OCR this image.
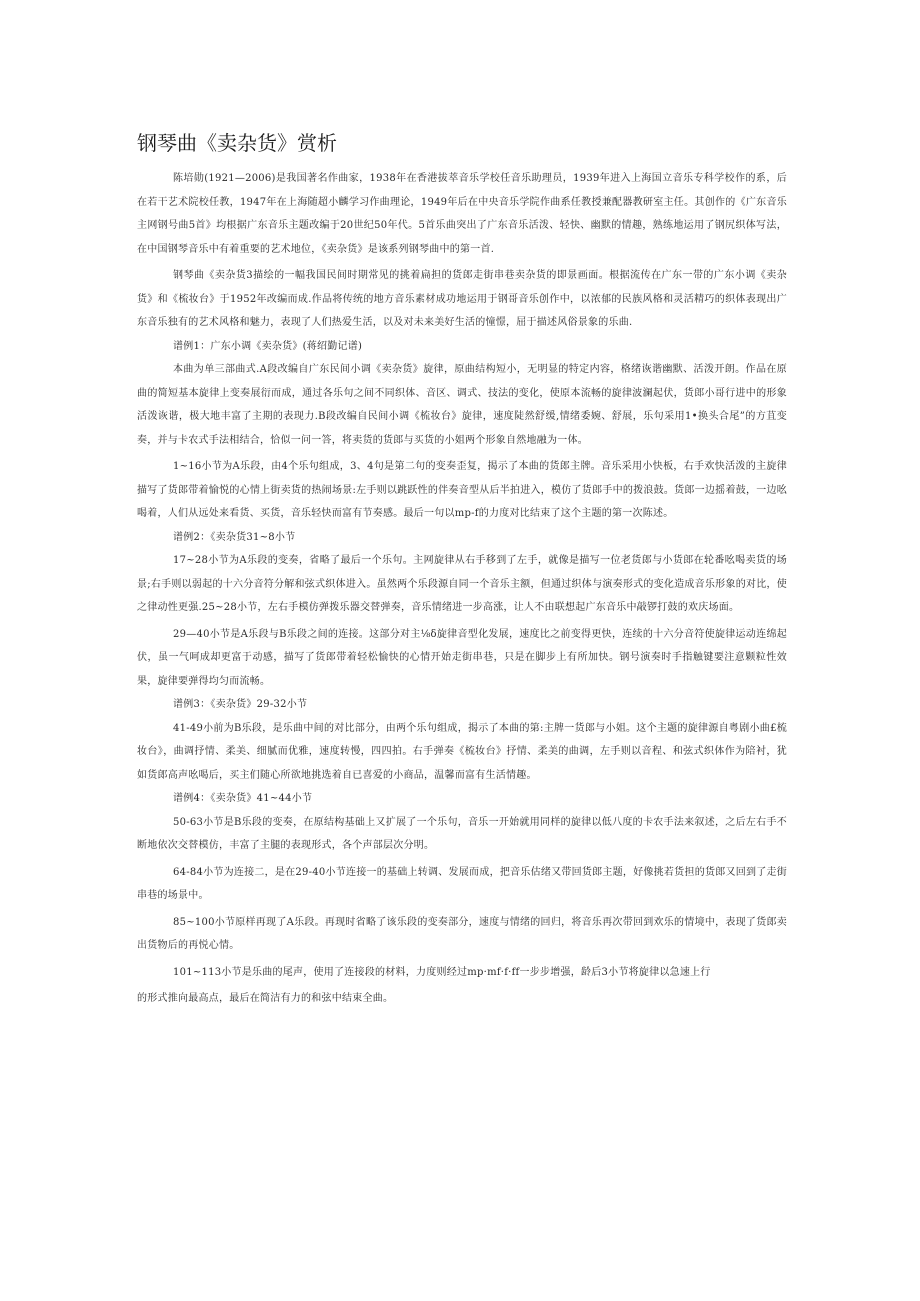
钢琴曲《卖杂货》赏析

陈培勋(1921—2006)是我国著名作曲家，1938年在香港拔萃音乐学校任音乐助理员，1939年进入上海国立音乐专科学校作的系，后在若干艺术院校任教，1947年在上海随超小麟学习作曲理论，1949年后在中央音乐学院作曲系任教授兼配器教研室主任。其创作的《广东音乐主网钢号曲5首》均根据广东音乐主题改编于20世纪50年代。5首乐曲突出了广东音乐活泼、轻快、幽默的情趣，熟练地运用了钢尻织体写法，在中国钢琴音乐中有着重要的艺术地位，《卖杂货》是该系列钢琴曲中的第一首.

钢琴曲《卖杂货3描绘的一幅我国民间时期常见的挑着扁担的货郎走街串巷卖杂货的即景画面。根据流传在广东一带的广东小调《卖杂货》和《梳妆台》于1952年改编而成.作品将传统的地方音乐素材成功地运用于钢哥音乐创作中，以浓郁的民族风格和灵活精巧的织体表现出广东音乐独有的艺术风格和魅力，表现了人们热爱生活，以及对未来美好生活的憧憬，屈于描述风俗景象的乐曲.

谱例1：广东小调《卖杂货》(蒋绍勤记谱)

本曲为单三部曲式.A段改编自广东民间小调《卖杂货》旋律，原曲结构短小，无明显的特定内容，格绪诙谐幽默、活泼开朗。作品在原曲的简短基本旋律上变奏展衍而成，通过各乐句之间不同织体、音区、调式、技法的变化，使原本流畅的旋律波澜起伏，货郎小哥行进中的形象活泼诙谐，极大地丰富了主期的表现力.B段改编自民间小调《梳妆台》旋律，速度陡然舒缓,情绪委婉、舒展，乐句采用1•换头合尾”的方苴变奏，并与卡农式手法相结合，恰似一问一答，将卖货的货郎与买货的小姐两个形象自然地融为一体。

1~16小节为A乐段，由4个乐句组成，3、4句是第二句的变奏歪复，揭示了本曲的货郎主牌。音乐采用小快板，右手欢快活泼的主旋律描写了货郎带着愉悦的心情上街卖货的热闹场景:左手则以跳跃性的伴奏音型从后半拍进入，模仿了货郎手中的拨浪鼓。货郎一边摇着鼓，一边吆喝着，人们从远处来看货、买货，音乐轻快而富有节奏感。最后一句以mp-f的力度对比结束了这个主题的第一次陈述。

谱例2：《卖杂货31~8小节

17~28小节为A乐段的变奏，省略了最后一个乐句。主网旋律从右手移到了左手，就像是描写一位老货郎与小货郎在轮番吆喝卖货的场景;右手则以弱起的十六分音符分解和弦式织体进入。虽然两个乐段源自同一个音乐主额，但通过织体与演奏形式的变化造成音乐形象的对比，使之律动性更强.25~28小节，左右手模仿弹拨乐器交替弹奏，音乐情绪进一步高涨，让人不由联想起广东音乐中敲锣打鼓的欢庆场面。

29—40小节是A乐段与B乐段之间的连接。这部分对主⅛δ旋律音型化发展，速度比之前变得更快，连续的十六分音符使旋律运动连绵起伏，虽一气呵成却更富于动感，描写了货郎带着轻松愉快的心情开始走街串巷，只是在脚步上有所加快。钢号演奏时手指触键要注意颗粒性效果，旋律要弹得均匀而流畅。

谱例3：《卖杂货》29-32小节

41-49小前为B乐段，是乐曲中间的对比部分，由两个乐句组成，揭示了本曲的第:主牌一货郎与小姐。这个主题的旋律源自粤剧小曲£梳妆台》，曲调抒情、柔美、细腻而优雅，速度转慢，四四拍。右手弹奏《梳妆台》抒情、柔美的曲调，左手则以音程、和弦式织体作为陪衬，犹如货郎高声吆喝后，买主们随心所欲地挑选着自已喜爱的小商品，温馨而富有生活情趣。

谱例4：《卖杂货》41~44小节

50-63小节是B乐段的变奏，在原结构基础上又扩展了一个乐句，音乐一开始就用同样的旋律以低八度的卡农手法来叙述，之后左右手不断地依次交替模仿，丰富了主腿的表现形式，各个声部层次分明。

64-84小节为连接二，是在29-40小节连接一的基础上转调、发展而成，把音乐估绪又带回货郎主题，好像挑若货担的货郎又回到了走街串巷的场景中。

85~100小节原样再现了A乐段。再现时省略了该乐段的变奏部分，速度与情绪的回归，将音乐再次带回到欢乐的情境中，表现了货郎卖出货物后的再悦心情。

101~113小节是乐曲的尾声，使用了连接段的材料，力度则经过mp·mf·f·ff一步步增强，龄后3小节将旋律以急速上行

的形式推向最高点，最后在简洁有力的和弦中结束全曲。
